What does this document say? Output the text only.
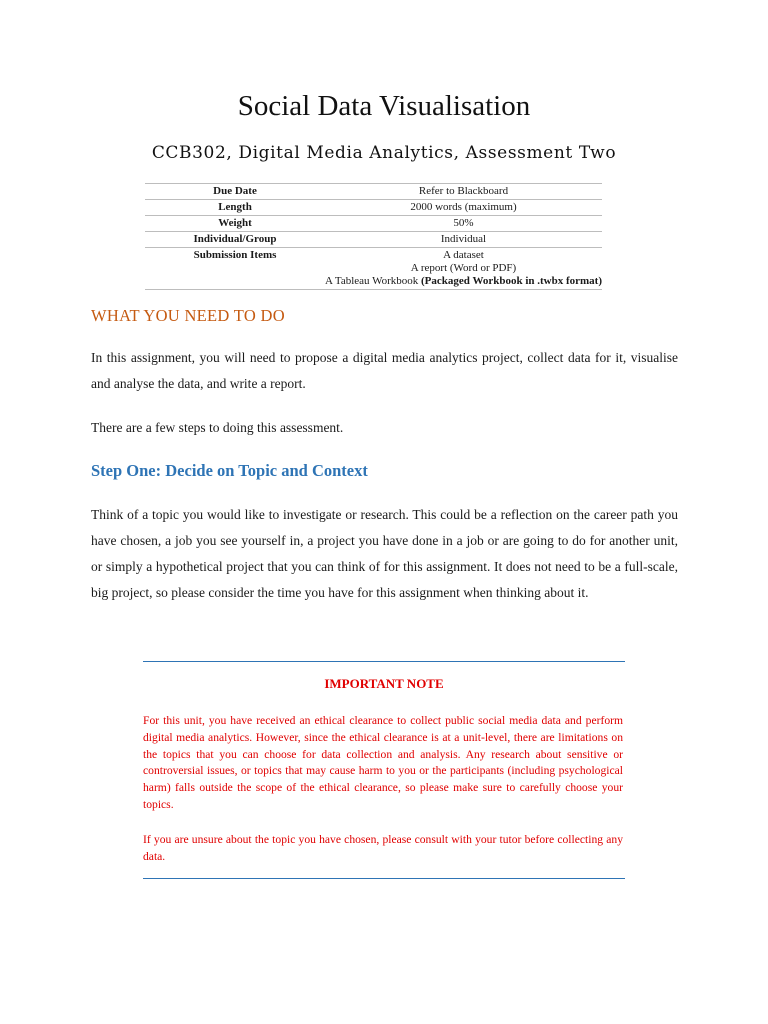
Social Data Visualisation
CCB302, Digital Media Analytics, Assessment Two
Due Date	Refer to Blackboard
Length	2000 words (maximum)
Weight	50%
Individual/Group	Individual
Submission Items	A dataset
A report (Word or PDF)
A Tableau Workbook (Packaged Workbook in .twbx format)
WHAT YOU NEED TO DO
In this assignment, you will need to propose a digital media analytics project, collect data for it, visualise and analyse the data, and write a report.
There are a few steps to doing this assessment.
Step One: Decide on Topic and Context
Think of a topic you would like to investigate or research. This could be a reflection on the career path you have chosen, a job you see yourself in, a project you have done in a job or are going to do for another unit, or simply a hypothetical project that you can think of for this assignment. It does not need to be a full-scale, big project, so please consider the time you have for this assignment when thinking about it.
IMPORTANT NOTE
For this unit, you have received an ethical clearance to collect public social media data and perform digital media analytics. However, since the ethical clearance is at a unit-level, there are limitations on the topics that you can choose for data collection and analysis. Any research about sensitive or controversial issues, or topics that may cause harm to you or the participants (including psychological harm) falls outside the scope of the ethical clearance, so please make sure to carefully choose your topics.
If you are unsure about the topic you have chosen, please consult with your tutor before collecting any data.
